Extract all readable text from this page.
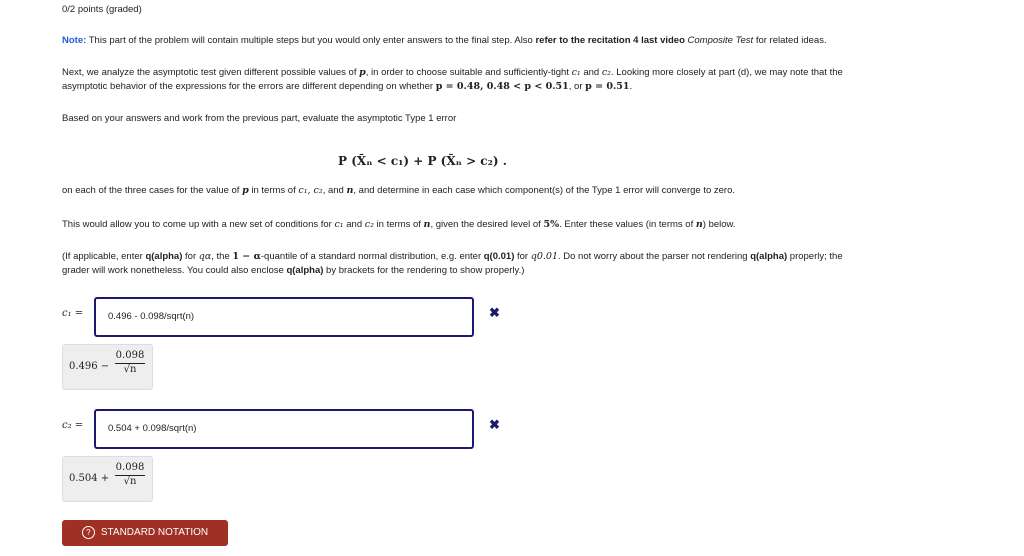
0/2 points (graded)
Note: This part of the problem will contain multiple steps but you would only enter answers to the final step. Also refer to the recitation 4 last video Composite Test for related ideas.
Next, we analyze the asymptotic test given different possible values of p, in order to choose suitable and sufficiently-tight c₁ and c₂. Looking more closely at part (d), we may note that the
asymptotic behavior of the expressions for the errors are different depending on whether p = 0.48, 0.48 < p < 0.51, or p = 0.51.
Based on your answers and work from the previous part, evaluate the asymptotic Type 1 error
P (X̄ₙ < c₁) + P (X̄ₙ > c₂) .
on each of the three cases for the value of p in terms of c₁, c₂, and n, and determine in each case which component(s) of the Type 1 error will converge to zero.
This would allow you to come up with a new set of conditions for c₁ and c₂ in terms of n, given the desired level of 5%. Enter these values (in terms of n) below.
(If applicable, enter q(alpha) for qα, the 1 − α-quantile of a standard normal distribution, e.g. enter q(0.01) for q0.01. Do not worry about the parser not rendering q(alpha) properly; the
grader will work nonetheless. You could also enclose q(alpha) by brackets for the rendering to show properly.)
c₁ =	0.496 - 0.098/sqrt(n)	✖
$0.496 - \frac{0.098}{√n}$
c₂ =	0.504 + 0.098/sqrt(n)	✖
$0.504 + \frac{0.098}{√n}$
? STANDARD NOTATION
